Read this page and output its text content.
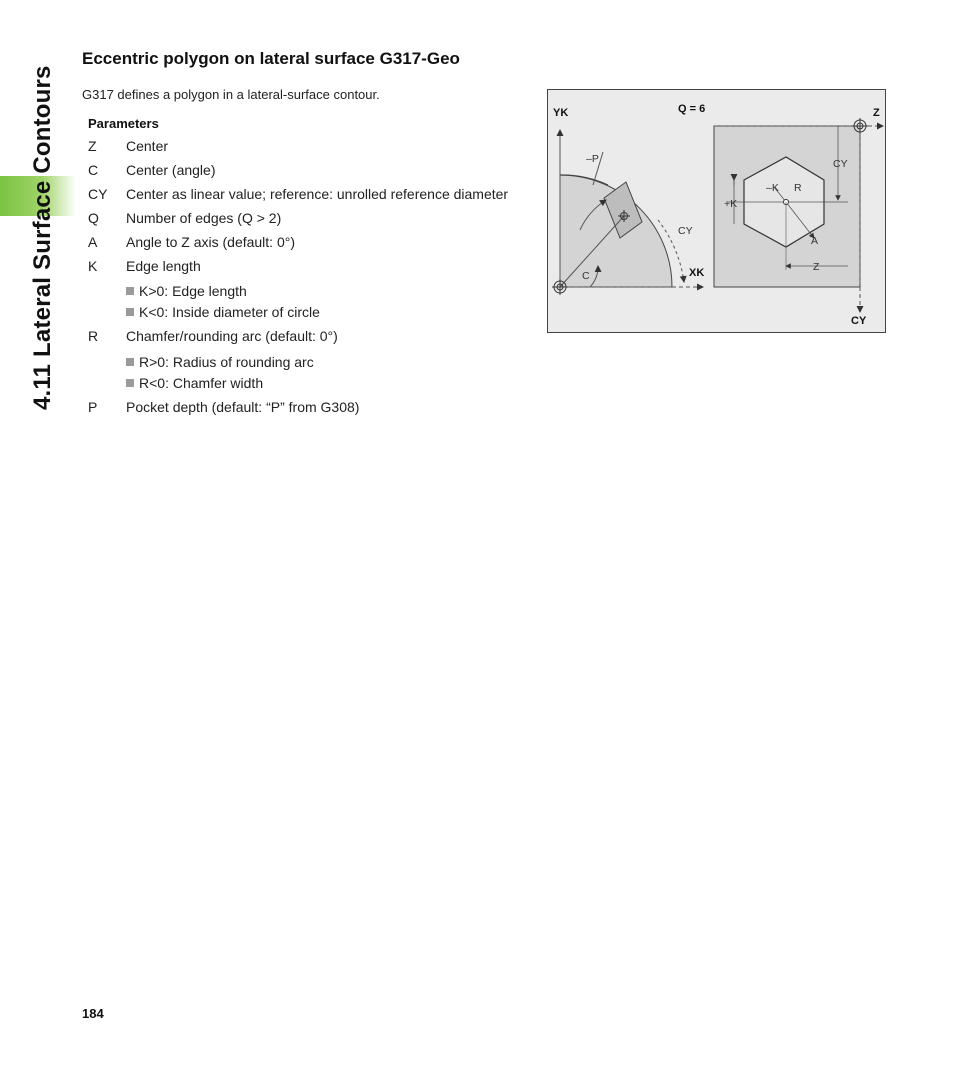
4.11 Lateral Surface Contours
Eccentric polygon on lateral surface G317-Geo

G317 defines a polygon in a lateral-surface contour.

Parameters

Z Center
C Center (angle)
CY Center as linear value; reference: unrolled reference diameter
Q Number of edges (Q > 2)
A Angle to Z axis (default: 0°)
K Edge length
K>0: Edge length
K<0: Inside diameter of circle
R Chamfer/rounding arc (default: 0°)
R>0: Radius of rounding arc
R<0: Chamfer width
P Pocket depth (default: “P” from G308)
YK
XK
–P
C
CY
Q = 6	Z
CY
CY
–K
+K
R
A
Z

184
